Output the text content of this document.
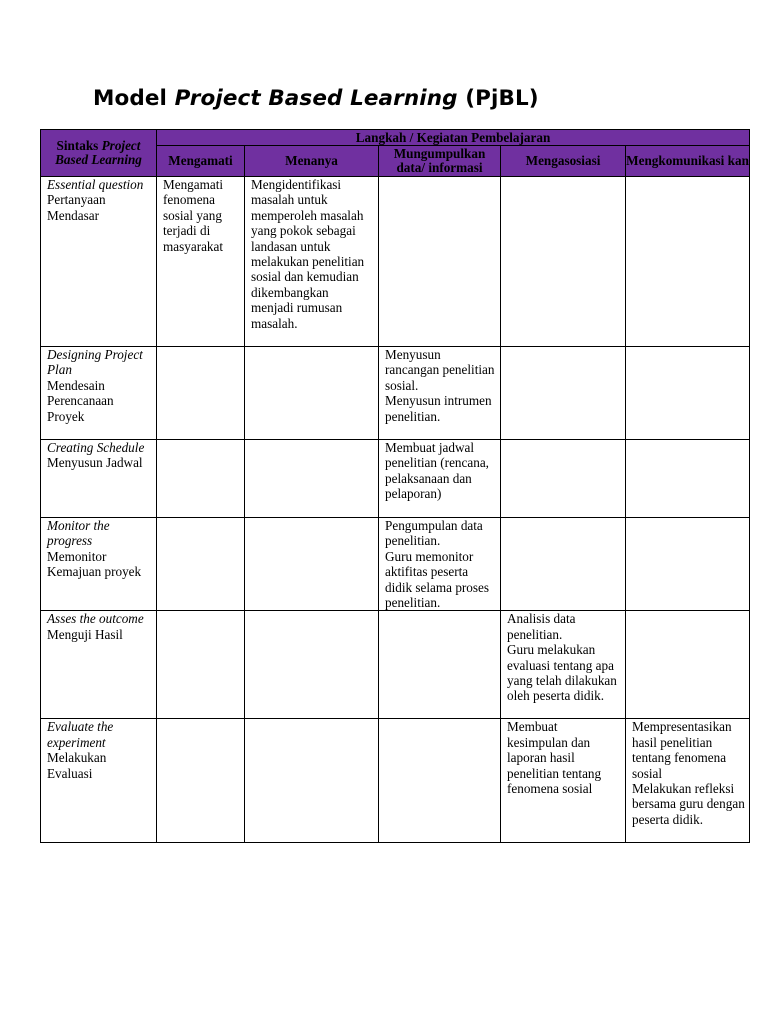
Model Project Based Learning (PjBL)
Sintaks Project Based Learning	Langkah / Kegiatan Pembelajaran				
	Mengamati	Menanya	Mungumpulkan data/ informasi	Mengasosiasi	Mengkomunikasi kan

Essential question
Pertanyaan Mendasar	Mengamati fenomena sosial yang terjadi di masyarakat	Mengidentifikasi masalah untuk memperoleh masalah yang pokok sebagai landasan untuk melakukan penelitian sosial dan kemudian dikembangkan menjadi rumusan masalah.			

Designing Project Plan
Mendesain Perencanaan Proyek			Menyusun rancangan penelitian sosial.
Menyusun intrumen penelitian.		

Creating Schedule
Menyusun Jadwal			Membuat jadwal penelitian (rencana, pelaksanaan dan pelaporan)		

Monitor the progress
Memonitor Kemajuan proyek			Pengumpulan data penelitian.
Guru memonitor aktifitas peserta didik selama proses penelitian.		

Asses the outcome
Menguji Hasil				Analisis data penelitian.
Guru melakukan evaluasi tentang apa yang telah dilakukan oleh peserta didik.	

Evaluate the experiment
Melakukan Evaluasi				Membuat kesimpulan dan laporan hasil penelitian tentang fenomena sosial	Mempresentasikan hasil penelitian tentang fenomena sosial
Melakukan refleksi bersama guru dengan peserta didik.
